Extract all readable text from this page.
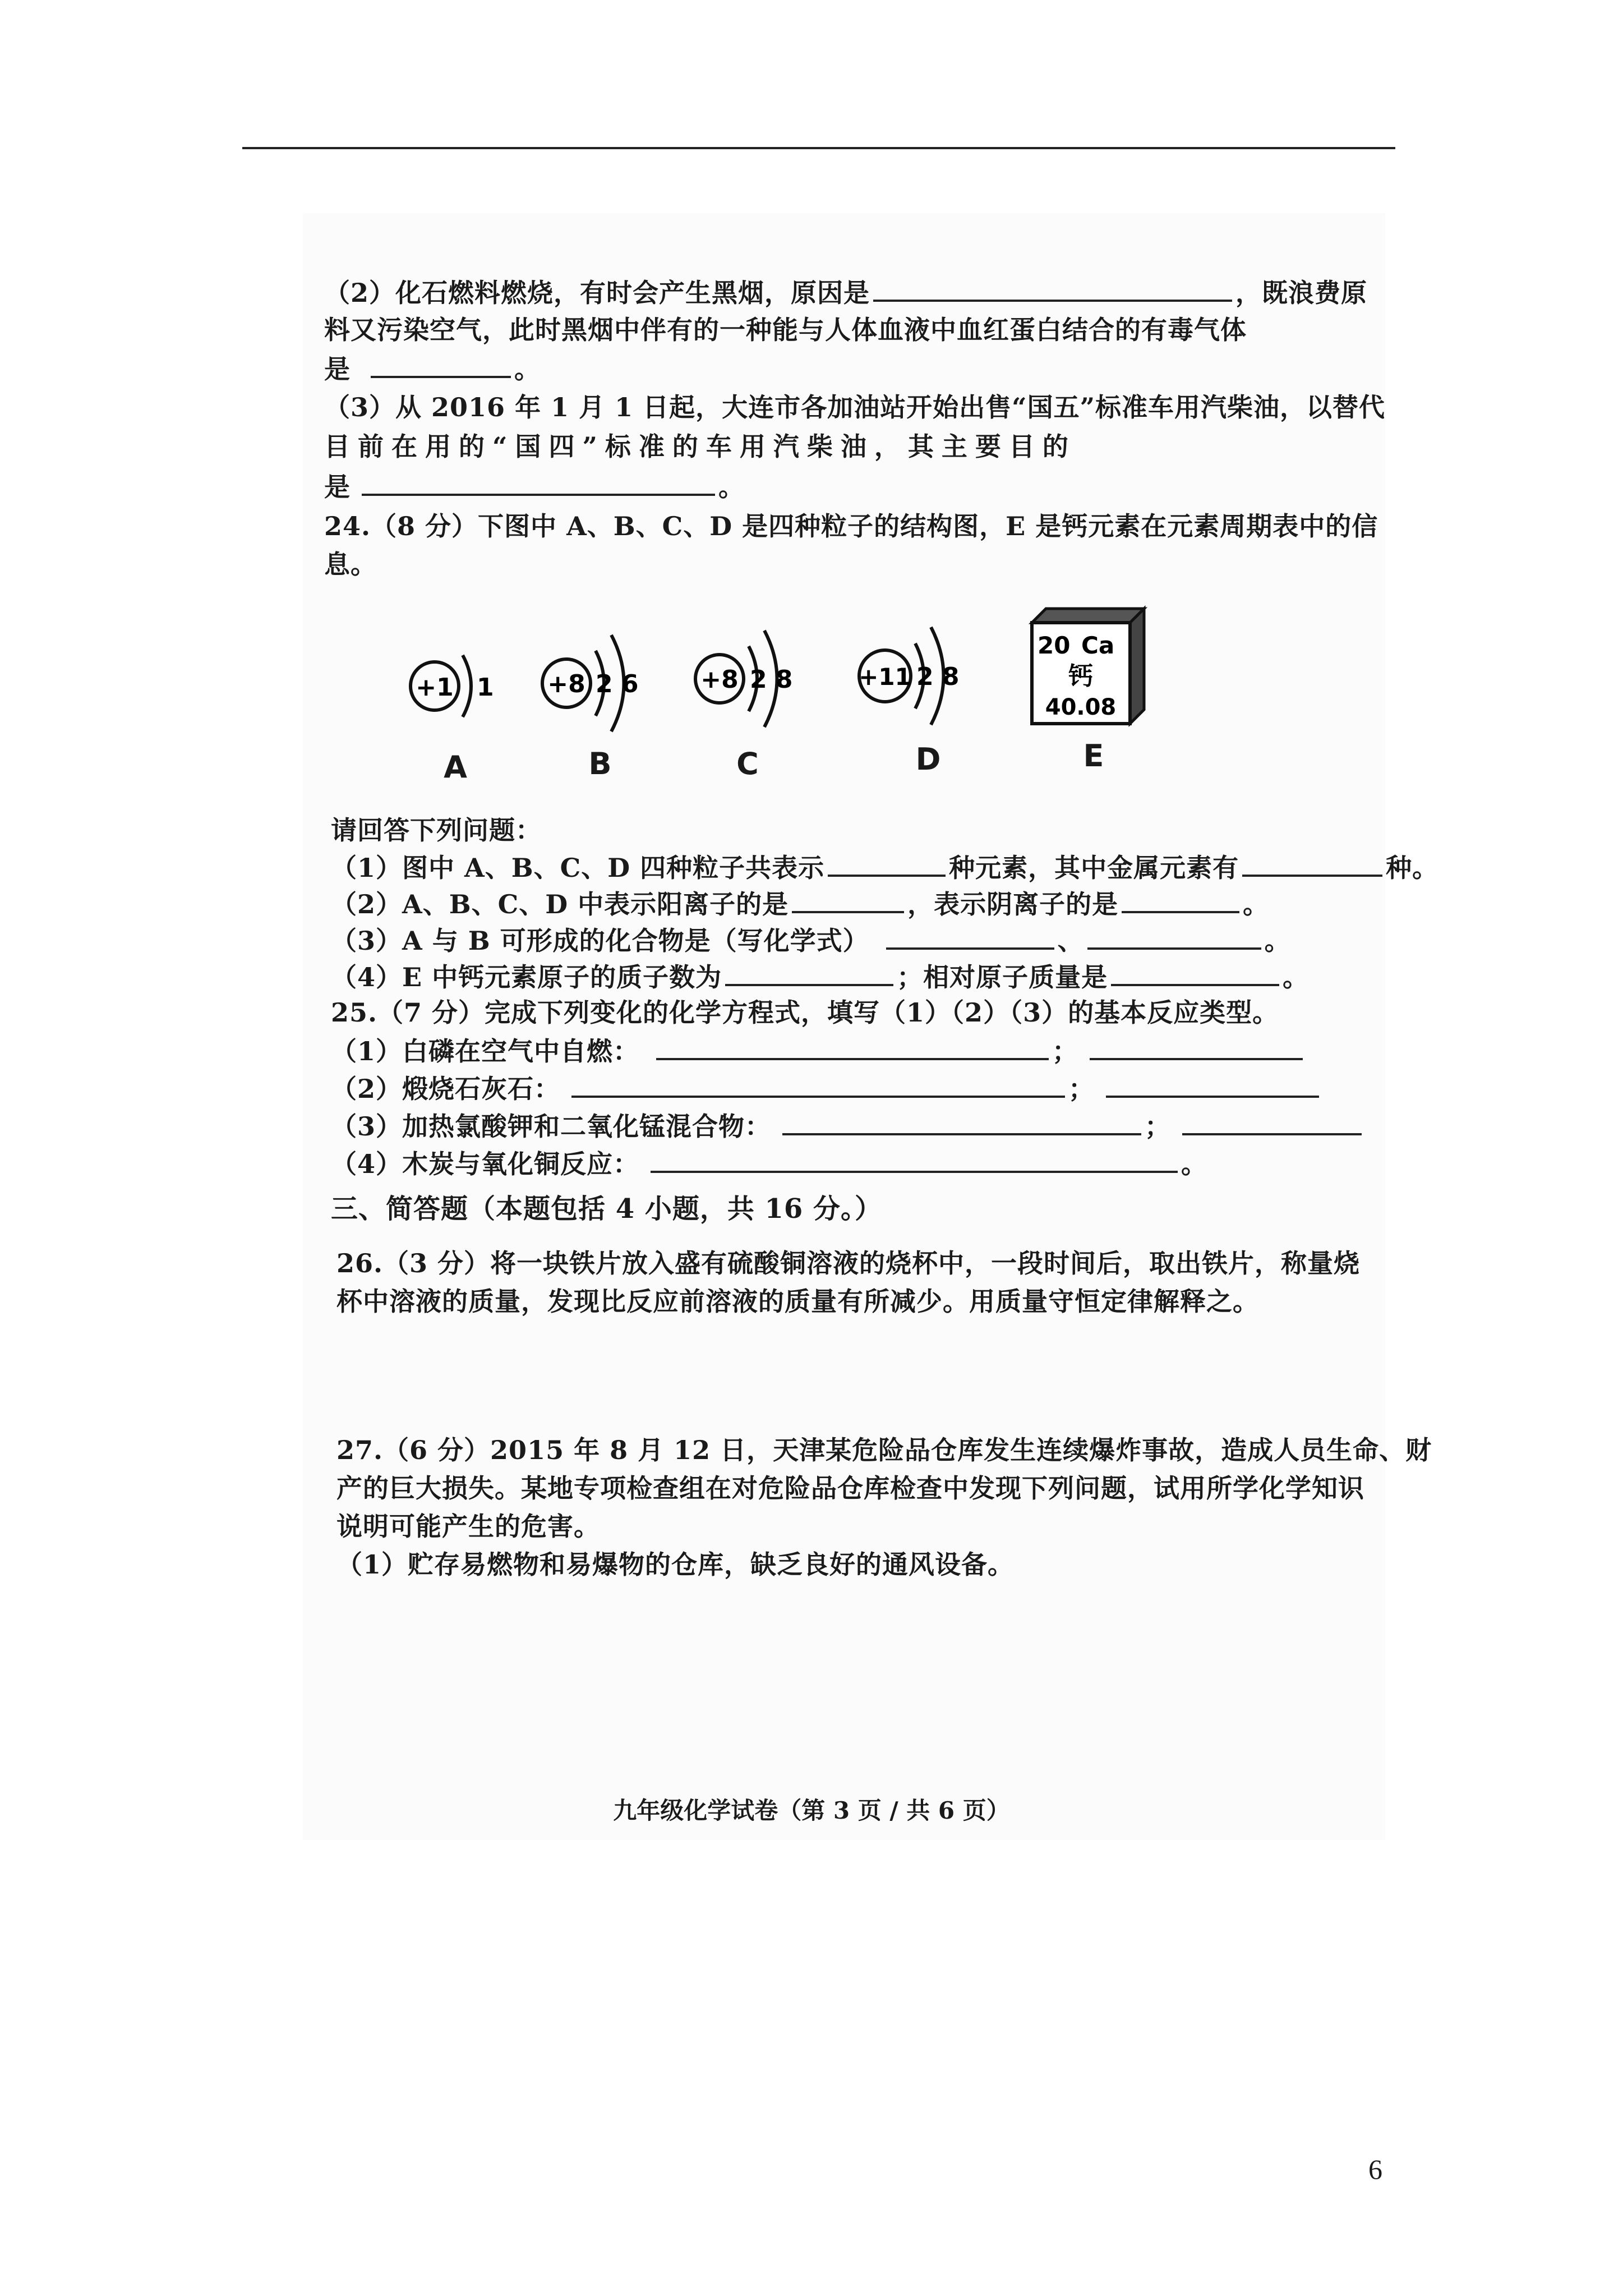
（2）化石燃料燃烧，有时会产生黑烟，原因是	，既浪费原
料又污染空气，此时黑烟中伴有的一种能与人体血液中血红蛋白结合的有毒气体
是	。
（3）从 2016 年 1 月 1 日起，大连市各加油站开始出售“国五”标准车用汽柴油，以替代
目前在用的“国四”标准的车用汽柴油，其主要目的
是	。
24.（8 分）下图中 A、B、C、D 是四种粒子的结构图，E 是钙元素在元素周期表中的信
息。
+1 1 +8 2 6	+8 2 8	+11 2 8
20 Ca
钙
40.08
A	B	C	D	E
请回答下列问题：
（1）图中 A、B、C、D 四种粒子共表示	种元素，其中金属元素有	种。
（2）A、B、C、D 中表示阳离子的是	，表示阴离子的是	。
（3）A 与 B 可形成的化合物是（写化学式）	、	。
（4）E 中钙元素原子的质子数为	；相对原子质量是	。
25.（7 分）完成下列变化的化学方程式，填写（1）（2）（3）的基本反应类型。
（1）白磷在空气中自燃：	；
（2）煅烧石灰石：	；
（3）加热氯酸钾和二氧化锰混合物：	；
（4）木炭与氧化铜反应：	。
三、简答题（本题包括 4 小题，共 16 分。）
26.（3 分）将一块铁片放入盛有硫酸铜溶液的烧杯中，一段时间后，取出铁片，称量烧
杯中溶液的质量，发现比反应前溶液的质量有所减少。用质量守恒定律解释之。
27.（6 分）2015 年 8 月 12 日，天津某危险品仓库发生连续爆炸事故，造成人员生命、财
产的巨大损失。某地专项检查组在对危险品仓库检查中发现下列问题，试用所学化学知识
说明可能产生的危害。
（1）贮存易燃物和易爆物的仓库，缺乏良好的通风设备。
九年级化学试卷（第 3 页 / 共 6 页）
6
